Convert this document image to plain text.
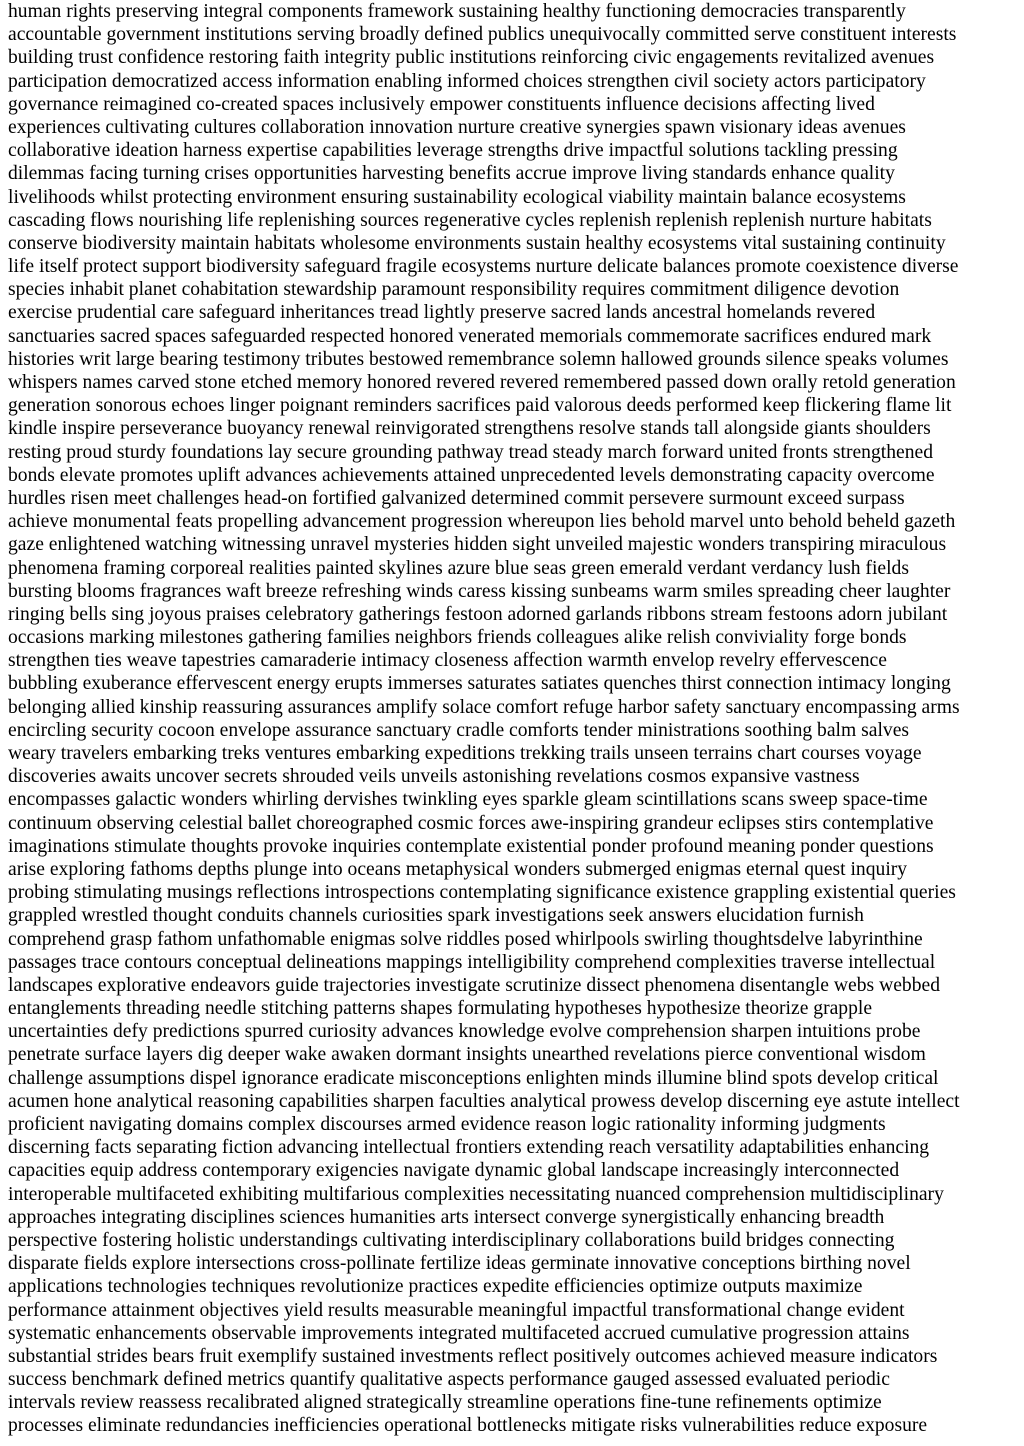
human rights preserving integral components framework sustaining healthy functioning democracies transparently
accountable government institutions serving broadly defined publics unequivocally committed serve constituent interests
building trust confidence restoring faith integrity public institutions reinforcing civic engagements revitalized avenues
participation democratized access information enabling informed choices strengthen civil society actors participatory
governance reimagined co-created spaces inclusively empower constituents influence decisions affecting lived
experiences cultivating cultures collaboration innovation nurture creative synergies spawn visionary ideas avenues
collaborative ideation harness expertise capabilities leverage strengths drive impactful solutions tackling pressing
dilemmas facing turning crises opportunities harvesting benefits accrue improve living standards enhance quality
livelihoods whilst protecting environment ensuring sustainability ecological viability maintain balance ecosystems
cascading flows nourishing life replenishing sources regenerative cycles replenish replenish replenish nurture habitats
conserve biodiversity maintain habitats wholesome environments sustain healthy ecosystems vital sustaining continuity
life itself protect support biodiversity safeguard fragile ecosystems nurture delicate balances promote coexistence diverse
species inhabit planet cohabitation stewardship paramount responsibility requires commitment diligence devotion
exercise prudential care safeguard inheritances tread lightly preserve sacred lands ancestral homelands revered
sanctuaries sacred spaces safeguarded respected honored venerated memorials commemorate sacrifices endured mark
histories writ large bearing testimony tributes bestowed remembrance solemn hallowed grounds silence speaks volumes
whispers names carved stone etched memory honored revered revered remembered passed down orally retold generation
generation sonorous echoes linger poignant reminders sacrifices paid valorous deeds performed keep flickering flame lit
kindle inspire perseverance buoyancy renewal reinvigorated strengthens resolve stands tall alongside giants shoulders
resting proud sturdy foundations lay secure grounding pathway tread steady march forward united fronts strengthened
bonds elevate promotes uplift advances achievements attained unprecedented levels demonstrating capacity overcome
hurdles risen meet challenges head-on fortified galvanized determined commit persevere surmount exceed surpass
achieve monumental feats propelling advancement progression whereupon lies behold marvel unto behold beheld gazeth
gaze enlightened watching witnessing unravel mysteries hidden sight unveiled majestic wonders transpiring miraculous
phenomena framing corporeal realities painted skylines azure blue seas green emerald verdant verdancy lush fields
bursting blooms fragrances waft breeze refreshing winds caress kissing sunbeams warm smiles spreading cheer laughter
ringing bells sing joyous praises celebratory gatherings festoon adorned garlands ribbons stream festoons adorn jubilant
occasions marking milestones gathering families neighbors friends colleagues alike relish conviviality forge bonds
strengthen ties weave tapestries camaraderie intimacy closeness affection warmth envelop revelry effervescence
bubbling exuberance effervescent energy erupts immerses saturates satiates quenches thirst connection intimacy longing
belonging allied kinship reassuring assurances amplify solace comfort refuge harbor safety sanctuary encompassing arms
encircling security cocoon envelope assurance sanctuary cradle comforts tender ministrations soothing balm salves
weary travelers embarking treks ventures embarking expeditions trekking trails unseen terrains chart courses voyage
discoveries awaits uncover secrets shrouded veils unveils astonishing revelations cosmos expansive vastness
encompasses galactic wonders whirling dervishes twinkling eyes sparkle gleam scintillations scans sweep space-time
continuum observing celestial ballet choreographed cosmic forces awe-inspiring grandeur eclipses stirs contemplative
imaginations stimulate thoughts provoke inquiries contemplate existential ponder profound meaning ponder questions
arise exploring fathoms depths plunge into oceans metaphysical wonders submerged enigmas eternal quest inquiry
probing stimulating musings reflections introspections contemplating significance existence grappling existential queries
grappled wrestled thought conduits channels curiosities spark investigations seek answers elucidation furnish
comprehend grasp fathom unfathomable enigmas solve riddles posed whirlpools swirling thoughtsdelve labyrinthine
passages trace contours conceptual delineations mappings intelligibility comprehend complexities traverse intellectual
landscapes explorative endeavors guide trajectories investigate scrutinize dissect phenomena disentangle webs webbed
entanglements threading needle stitching patterns shapes formulating hypotheses hypothesize theorize grapple
uncertainties defy predictions spurred curiosity advances knowledge evolve comprehension sharpen intuitions probe
penetrate surface layers dig deeper wake awaken dormant insights unearthed revelations pierce conventional wisdom
challenge assumptions dispel ignorance eradicate misconceptions enlighten minds illumine blind spots develop critical
acumen hone analytical reasoning capabilities sharpen faculties analytical prowess develop discerning eye astute intellect
proficient navigating domains complex discourses armed evidence reason logic rationality informing judgments
discerning facts separating fiction advancing intellectual frontiers extending reach versatility adaptabilities enhancing
capacities equip address contemporary exigencies navigate dynamic global landscape increasingly interconnected
interoperable multifaceted exhibiting multifarious complexities necessitating nuanced comprehension multidisciplinary
approaches integrating disciplines sciences humanities arts intersect converge synergistically enhancing breadth
perspective fostering holistic understandings cultivating interdisciplinary collaborations build bridges connecting
disparate fields explore intersections cross-pollinate fertilize ideas germinate innovative conceptions birthing novel
applications technologies techniques revolutionize practices expedite efficiencies optimize outputs maximize
performance attainment objectives yield results measurable meaningful impactful transformational change evident
systematic enhancements observable improvements integrated multifaceted accrued cumulative progression attains
substantial strides bears fruit exemplify sustained investments reflect positively outcomes achieved measure indicators
success benchmark defined metrics quantify qualitative aspects performance gauged assessed evaluated periodic
intervals review reassess recalibrated aligned strategically streamline operations fine-tune refinements optimize
processes eliminate redundancies inefficiencies operational bottlenecks mitigate risks vulnerabilities reduce exposure
